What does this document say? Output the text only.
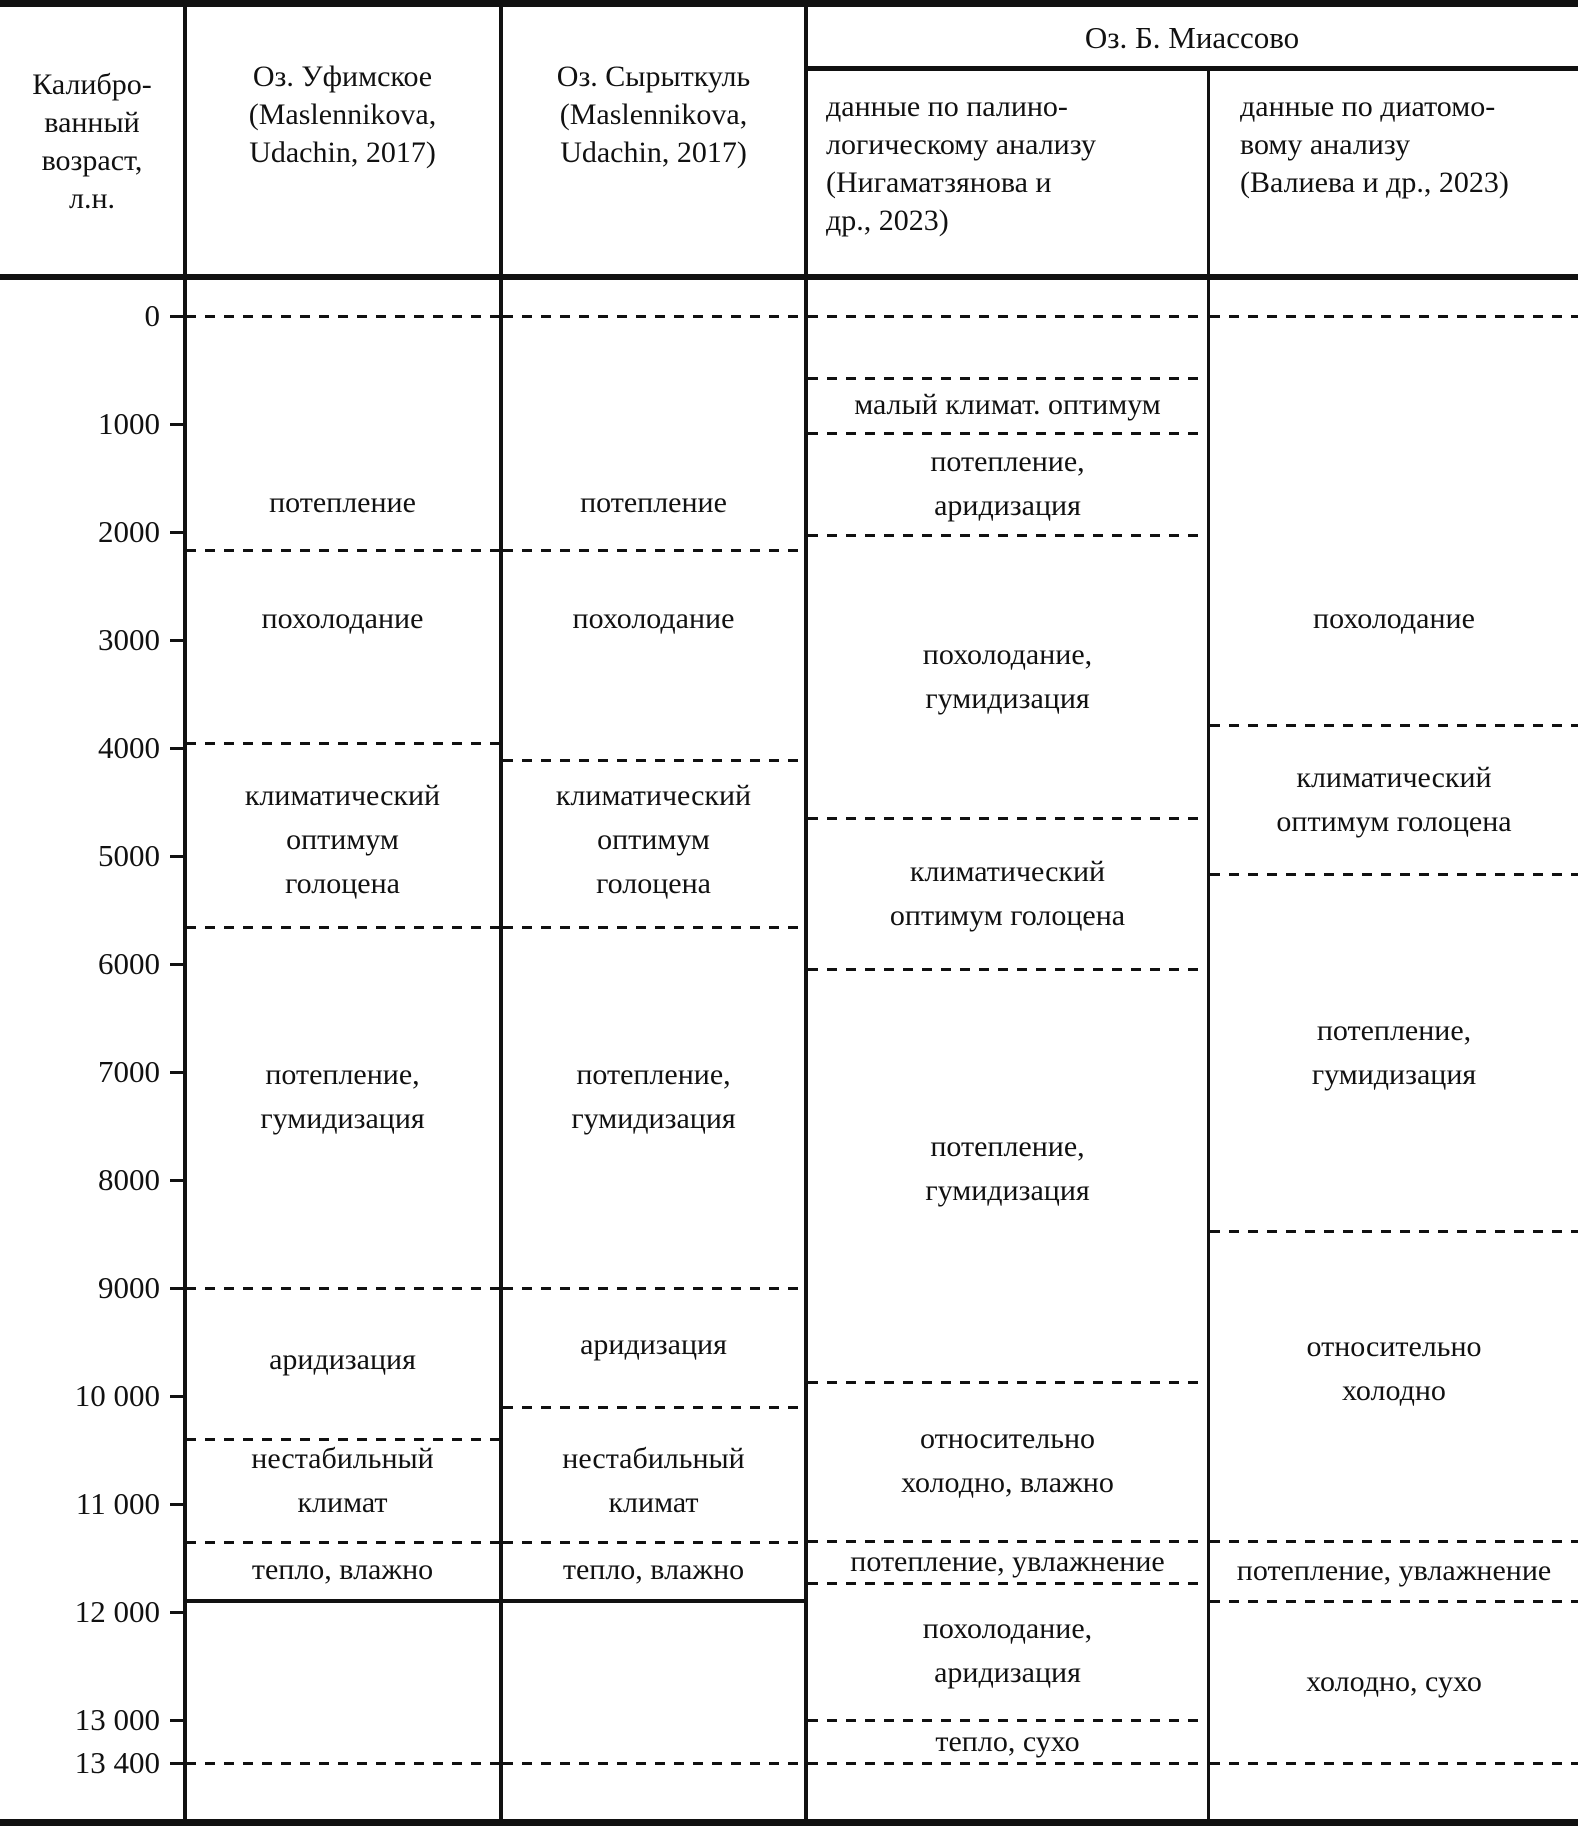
Калибро-
ванный
возраст,
л.н.
Оз. Уфимское
(Maslennikova,
Udachin, 2017)
Оз. Сырыткуль
(Maslennikova,
Udachin, 2017)
Оз. Б. Миассово
данные по палино-
логическому анализу
(Нигаматзянова и
др., 2023)
данные по диатомо-
вому анализу
(Валиева и др., 2023)
0
1000
2000
3000
4000
5000
6000
7000
8000
9000
10 000
11 000
12 000
13 000
13 400
потепление
похолодание
климатический
оптимум
голоцена
потепление,
гумидизация
аридизация
нестабильный
климат
тепло, влажно
потепление
похолодание
климатический
оптимум
голоцена
потепление,
гумидизация
аридизация
нестабильный
климат
тепло, влажно
малый климат. оптимум
потепление,
аридизация
похолодание,
гумидизация
климатический
оптимум голоцена
потепление,
гумидизация
относительно
холодно, влажно
потепление, увлажнение
похолодание,
аридизация
тепло, сухо
похолодание
климатический
оптимум голоцена
потепление,
гумидизация
относительно
холодно
потепление, увлажнение
холодно, сухо
